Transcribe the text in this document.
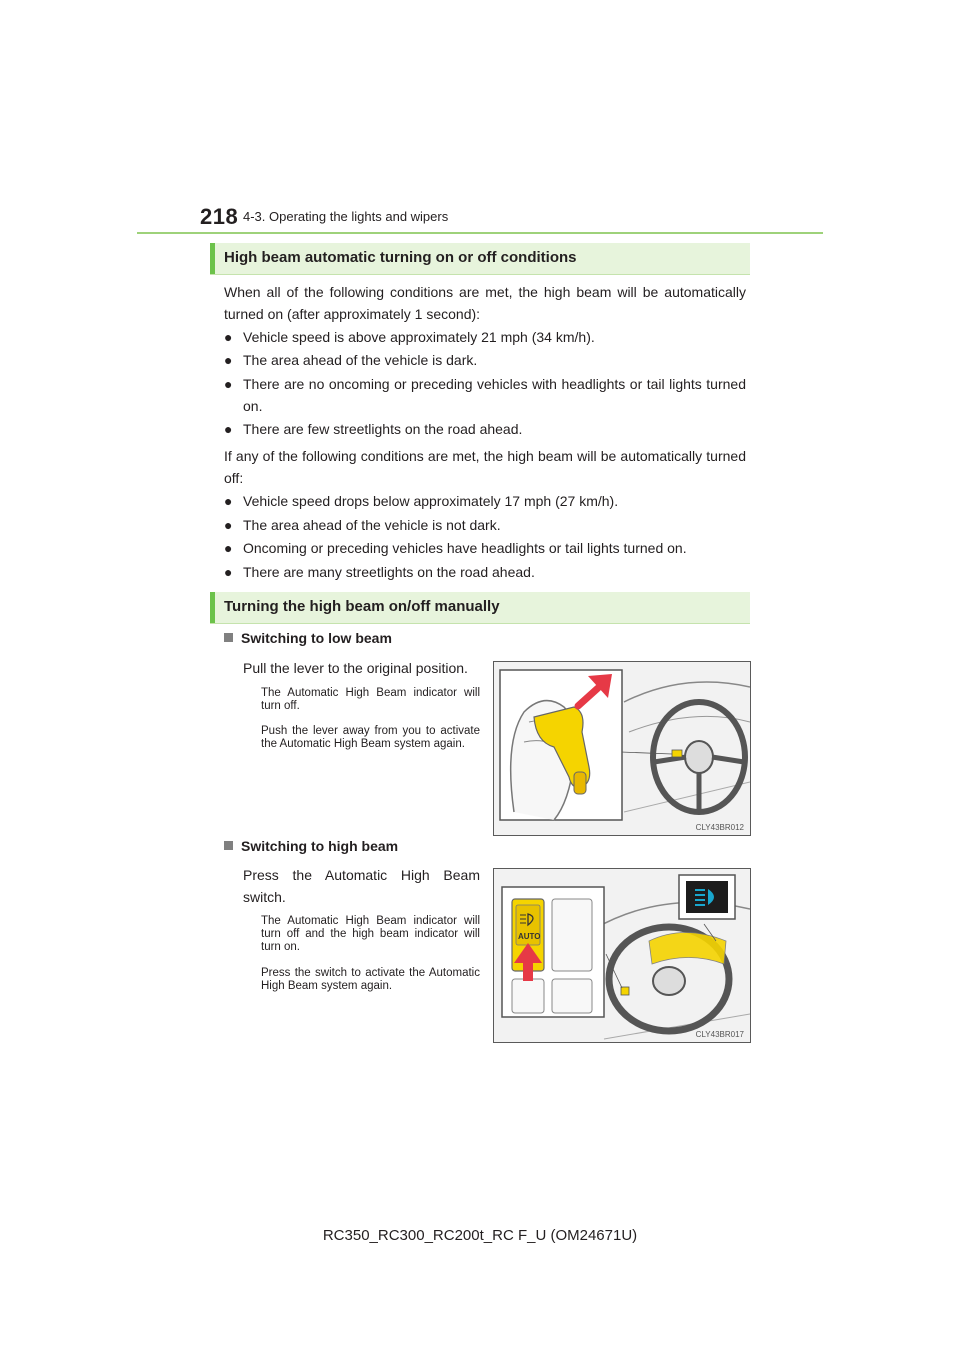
218 4-3. Operating the lights and wipers
High beam automatic turning on or off conditions

When all of the following conditions are met, the high beam will be automatically turned on (after approximately 1 second):

● Vehicle speed is above approximately 21 mph (34 km/h).
● The area ahead of the vehicle is dark.
● There are no oncoming or preceding vehicles with headlights or tail lights turned on.
● There are few streetlights on the road ahead.

If any of the following conditions are met, the high beam will be automatically turned off:

● Vehicle speed drops below approximately 17 mph (27 km/h).
● The area ahead of the vehicle is not dark.
● Oncoming or preceding vehicles have headlights or tail lights turned on.
● There are many streetlights on the road ahead.
Turning the high beam on/off manually
Switching to low beam
Pull the lever to the original position.
The Automatic High Beam indicator will turn off.
Push the lever away from you to activate the Automatic High Beam system again.
CLY43BR012
Switching to high beam
Press the Automatic High Beam switch.
The Automatic High Beam indicator will turn off and the high beam indicator will turn on.
Press the switch to activate the Automatic High Beam system again.
AUTO
CLY43BR017
RC350_RC300_RC200t_RC F_U (OM24671U)
